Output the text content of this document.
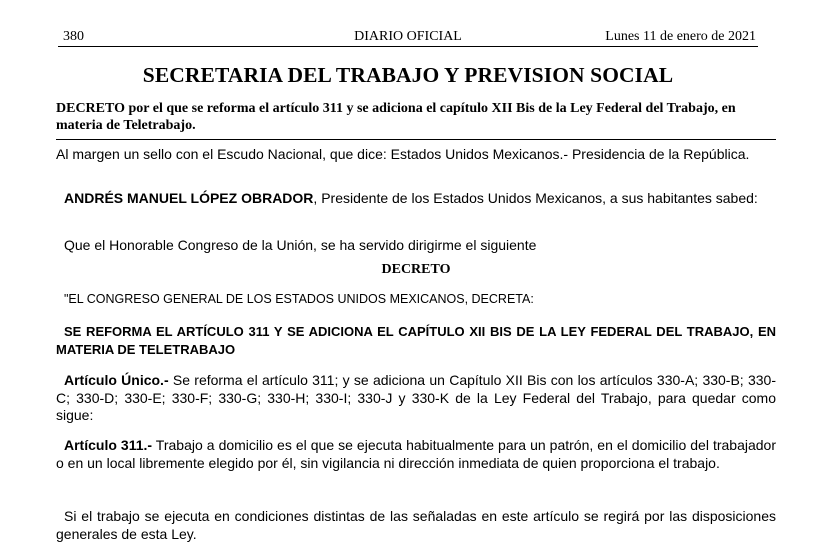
380	DIARIO OFICIAL	Lunes 11 de enero de 2021
SECRETARIA DEL TRABAJO Y PREVISION SOCIAL
DECRETO por el que se reforma el artículo 311 y se adiciona el capítulo XII Bis de la Ley Federal del Trabajo, en materia de Teletrabajo.
Al margen un sello con el Escudo Nacional, que dice: Estados Unidos Mexicanos.- Presidencia de la República.
ANDRÉS MANUEL LÓPEZ OBRADOR, Presidente de los Estados Unidos Mexicanos, a sus habitantes sabed:
Que el Honorable Congreso de la Unión, se ha servido dirigirme el siguiente
DECRETO
"EL CONGRESO GENERAL DE LOS ESTADOS UNIDOS MEXICANOS, DECRETA:
SE REFORMA EL ARTÍCULO 311 Y SE ADICIONA EL CAPÍTULO XII BIS DE LA LEY FEDERAL DEL TRABAJO, EN MATERIA DE TELETRABAJO
Artículo Único.- Se reforma el artículo 311; y se adiciona un Capítulo XII Bis con los artículos 330-A; 330-B; 330-C; 330-D; 330-E; 330-F; 330-G; 330-H; 330-I; 330-J y 330-K de la Ley Federal del Trabajo, para quedar como sigue:
Artículo 311.- Trabajo a domicilio es el que se ejecuta habitualmente para un patrón, en el domicilio del trabajador o en un local libremente elegido por él, sin vigilancia ni dirección inmediata de quien proporciona el trabajo.
Si el trabajo se ejecuta en condiciones distintas de las señaladas en este artículo se regirá por las disposiciones generales de esta Ley.
